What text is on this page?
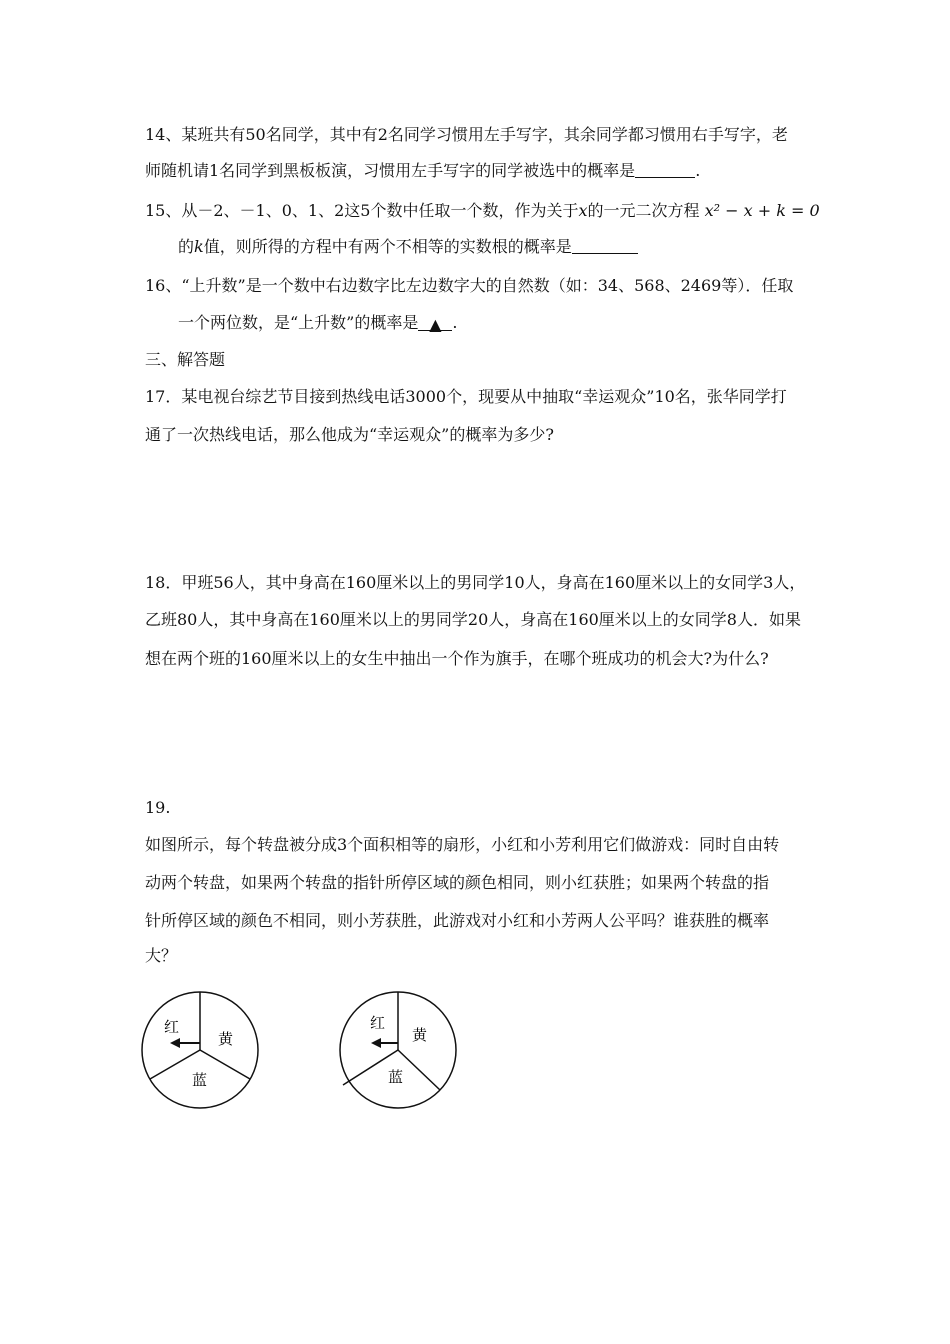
14、某班共有50名同学，其中有2名同学习惯用左手写字，其余同学都习惯用右手写字，老
师随机请1名同学到黑板板演，习惯用左手写字的同学被选中的概率是	.
15、从－2、－1、0、1、2这5个数中任取一个数，作为关于x的一元二次方程 x² − x + k = 0
的k值，则所得的方程中有两个不相等的实数根的概率是
16、“上升数”是一个数中右边数字比左边数字大的自然数（如：34、568、2469等）．任取
一个两位数，是“上升数”的概率是 ▲ .
三、解答题
17．某电视台综艺节目接到热线电话3000个，现要从中抽取“幸运观众”10名，张华同学打
通了一次热线电话，那么他成为“幸运观众”的概率为多少?
18．甲班56人，其中身高在160厘米以上的男同学10人，身高在160厘米以上的女同学3人，
乙班80人，其中身高在160厘米以上的男同学20人，身高在160厘米以上的女同学8人．如果
想在两个班的160厘米以上的女生中抽出一个作为旗手，在哪个班成功的机会大?为什么?
19.
如图所示，每个转盘被分成3个面积相等的扇形，小红和小芳利用它们做游戏：同时自由转
动两个转盘，如果两个转盘的指针所停区域的颜色相同，则小红获胜；如果两个转盘的指
针所停区域的颜色不相同，则小芳获胜，此游戏对小红和小芳两人公平吗？谁获胜的概率
大？
红
黄
蓝
红
黄
蓝
